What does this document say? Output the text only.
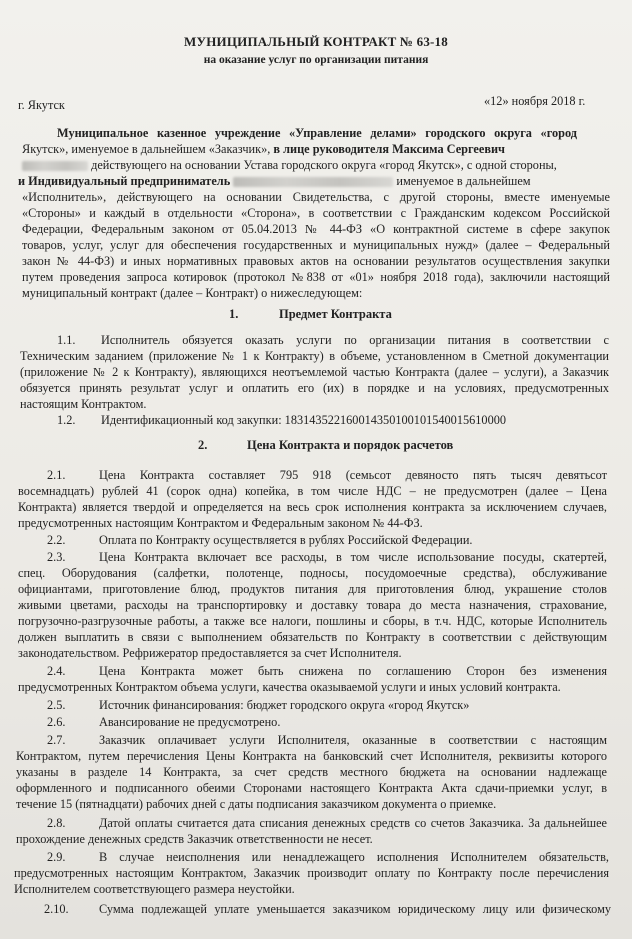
МУНИЦИПАЛЬНЫЙ КОНТРАКТ № 63-18
на оказание услуг по организации питания
г. Якутск	«12» ноября 2018 г.
Муниципальное казенное учреждение «Управление делами» городского округа «город
Якутск», именуемое в дальнейшем «Заказчик», в лице руководителя Максима Сергеевич
действующего на основании Устава городского округа «город Якутск», с одной стороны,
и Индивидуальный предприниматель	именуемое в дальнейшем
«Исполнитель», действующего на основании Свидетельства, с другой стороны, вместе именуемые
«Стороны» и каждый в отдельности «Сторона», в соответствии с Гражданским кодексом Российской
Федерации, Федеральным законом от 05.04.2013 № 44-ФЗ «О контрактной системе в сфере закупок
товаров, услуг, услуг для обеспечения государственных и муниципальных нужд» (далее – Федеральный
закон № 44-ФЗ) и иных нормативных правовых актов на основании результатов осуществления закупки
путем проведения запроса котировок (протокол №838 от «01» ноября 2018 года), заключили настоящий
муниципальный контракт (далее – Контракт) о нижеследующем:
1.	Предмет Контракта
1.1. Исполнитель обязуется оказать услуги по организации питания в соответствии с
Техническим заданием (приложение № 1 к Контракту) в объеме, установленном в Сметной документации
(приложение № 2 к Контракту), являющихся неотъемлемой частью Контракта (далее – услуги), а Заказчик
обязуется принять результат услуг и оплатить его (их) в порядке и на условиях, предусмотренных
настоящим Контрактом.
1.2. Идентификационный код закупки: 183143522160014350100101540015610000
2.	Цена Контракта и порядок расчетов
2.1.	Цена Контракта составляет 795 918 (семьсот девяносто пять тысяч девятьсот
восемнадцать) рублей 41 (сорок одна) копейка, в том числе НДС – не предусмотрен (далее – Цена
Контракта) является твердой и определяется на весь срок исполнения контракта за исключением случаев,
предусмотренных настоящим Контрактом и Федеральным законом № 44-ФЗ.
2.2.	Оплата по Контракту осуществляется в рублях Российской Федерации.
2.3.	Цена Контракта включает все расходы, в том числе использование посуды, скатертей,
спец. Оборудования (салфетки, полотенце, подносы, посудомоечные средства), обслуживание
официантами, приготовление блюд, продуктов питания для приготовления блюд, украшение столов
живыми цветами, расходы на транспортировку и доставку товара до места назначения, страхование,
погрузочно-разгрузочные работы, а также все налоги, пошлины и сборы, в т.ч. НДС, которые Исполнитель
должен выплатить в связи с выполнением обязательств по Контракту в соответствии с действующим
законодательством. Рефрижератор предоставляется за счет Исполнителя.
2.4.	Цена Контракта может быть снижена по соглашению Сторон без изменения
предусмотренных Контрактом объема услуги, качества оказываемой услуги и иных условий контракта.
2.5.	Источник финансирования: бюджет городского округа «город Якутск»
2.6.	Авансирование не предусмотрено.
2.7.	Заказчик оплачивает услуги Исполнителя, оказанные в соответствии с настоящим
Контрактом, путем перечисления Цены Контракта на банковский счет Исполнителя, реквизиты которого
указаны в разделе 14 Контракта, за счет средств местного бюджета на основании надлежаще
оформленного и подписанного обеими Сторонами настоящего Контракта Акта сдачи-приемки услуг, в
течение 15 (пятнадцати) рабочих дней с даты подписания заказчиком документа о приемке.
2.8.	Датой оплаты считается дата списания денежных средств со счетов Заказчика. За дальнейшее
прохождение денежных средств Заказчик ответственности не несет.
2.9.	В случае неисполнения или ненадлежащего исполнения Исполнителем обязательств,
предусмотренных настоящим Контрактом, Заказчик производит оплату по Контракту после перечисления
Исполнителем соответствующего размера неустойки.
2.10. Сумма подлежащей уплате уменьшается заказчиком юридическому лицу или физическому
